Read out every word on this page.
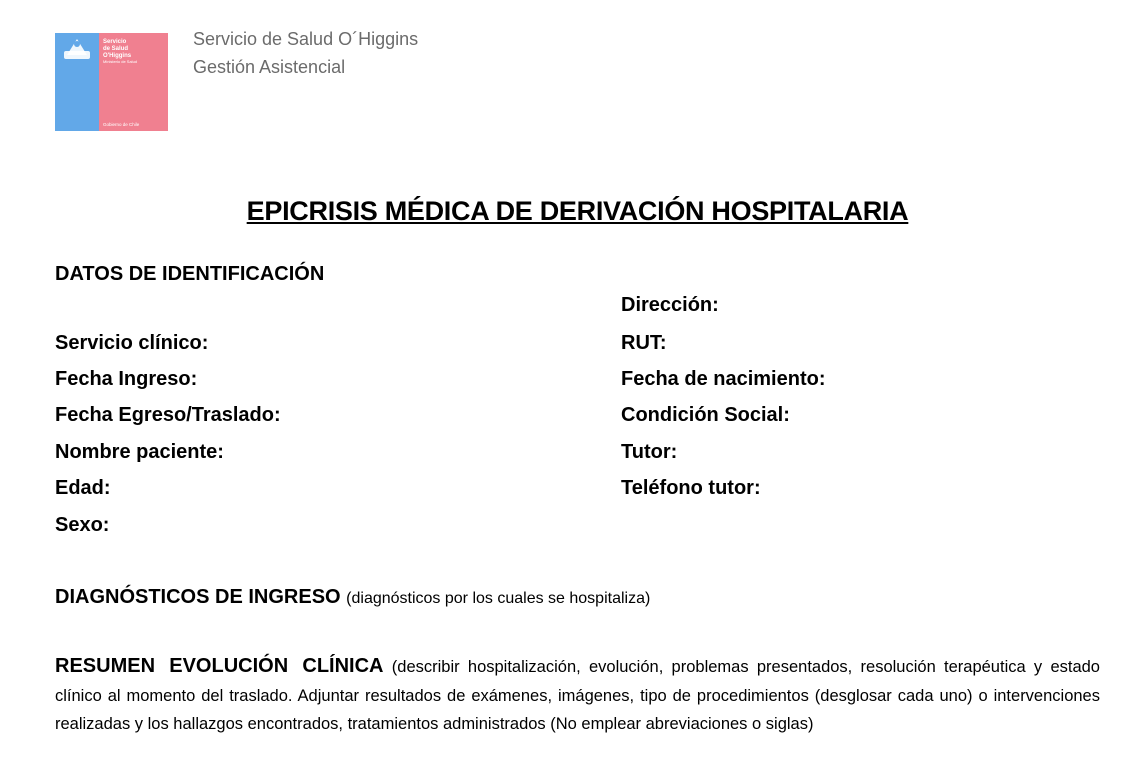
Servicio
de Salud
O'Higgins
Ministerio de Salud
Gobierno de Chile
Servicio de Salud O´Higgins
Gestión Asistencial
EPICRISIS MÉDICA DE DERIVACIÓN HOSPITALARIA
DATOS DE IDENTIFICACIÓN
Dirección:
Servicio clínico:	RUT:
Fecha Ingreso:	Fecha de nacimiento:
Fecha Egreso/Traslado:	Condición Social:
Nombre paciente:	Tutor:
Edad:	Teléfono tutor:
Sexo:
DIAGNÓSTICOS DE INGRESO (diagnósticos por los cuales se hospitaliza)
RESUMEN EVOLUCIÓN CLÍNICA (describir hospitalización, evolución, problemas presentados, resolución terapéutica y estado clínico al momento del traslado. Adjuntar resultados de exámenes, imágenes, tipo de procedimientos (desglosar cada uno) o intervenciones realizadas y los hallazgos encontrados, tratamientos administrados (No emplear abreviaciones o siglas)
